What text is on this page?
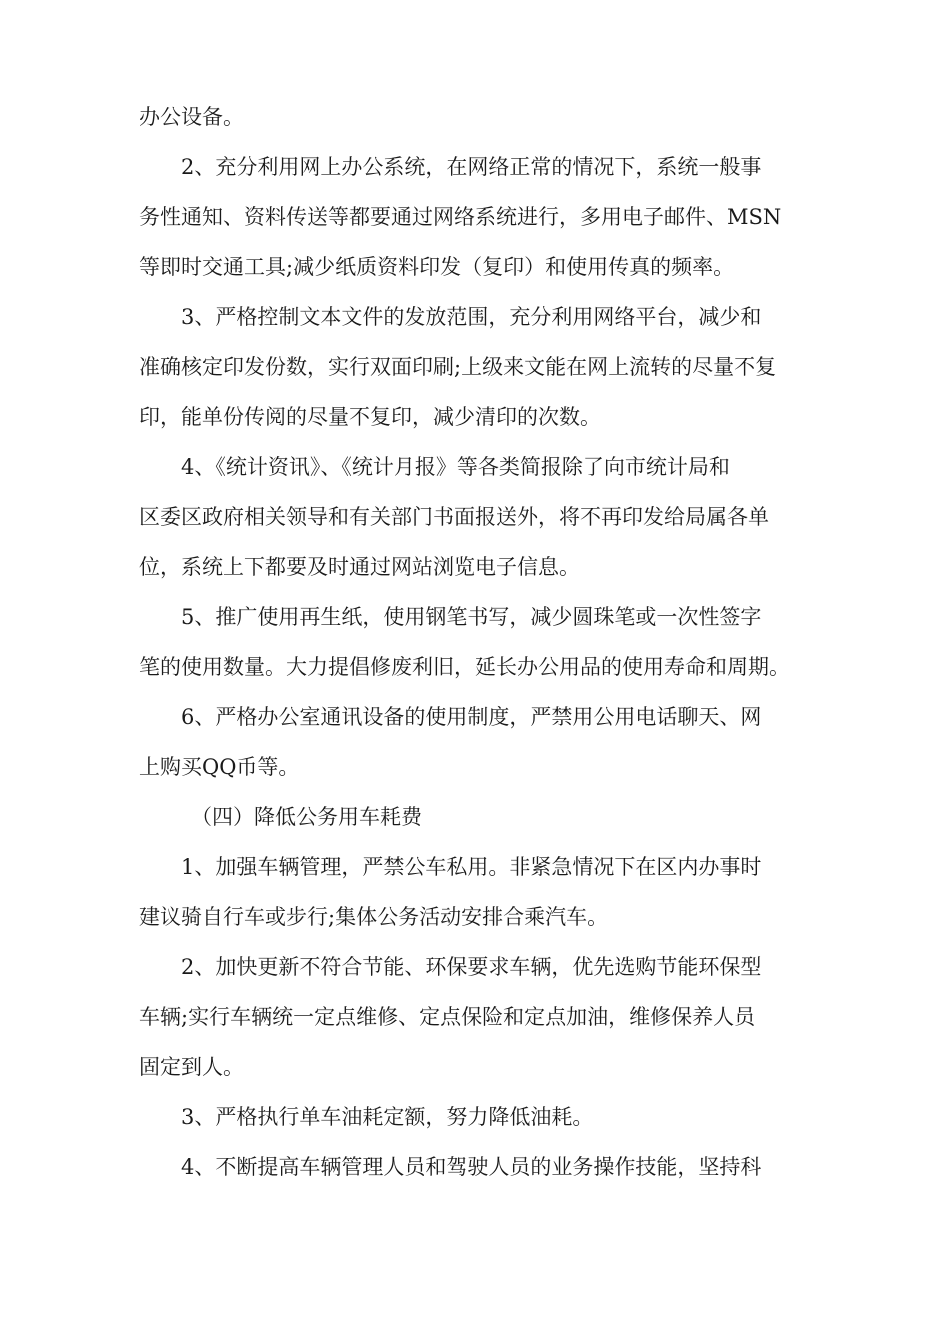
办公设备。
2、充分利用网上办公系统，在网络正常的情况下，系统一般事
务性通知、资料传送等都要通过网络系统进行，多用电子邮件、MSN
等即时交通工具;减少纸质资料印发（复印）和使用传真的频率。
3、严格控制文本文件的发放范围，充分利用网络平台，减少和
准确核定印发份数，实行双面印刷;上级来文能在网上流转的尽量不复
印，能单份传阅的尽量不复印，减少清印的次数。
4、《统计资讯》、《统计月报》等各类简报除了向市统计局和
区委区政府相关领导和有关部门书面报送外，将不再印发给局属各单
位，系统上下都要及时通过网站浏览电子信息。
5、推广使用再生纸，使用钢笔书写，减少圆珠笔或一次性签字
笔的使用数量。大力提倡修废利旧，延长办公用品的使用寿命和周期。
6、严格办公室通讯设备的使用制度，严禁用公用电话聊天、网
上购买QQ币等。
（四）降低公务用车耗费
1、加强车辆管理，严禁公车私用。非紧急情况下在区内办事时
建议骑自行车或步行;集体公务活动安排合乘汽车。
2、加快更新不符合节能、环保要求车辆，优先选购节能环保型
车辆;实行车辆统一定点维修、定点保险和定点加油，维修保养人员
固定到人。
3、严格执行单车油耗定额，努力降低油耗。
4、不断提高车辆管理人员和驾驶人员的业务操作技能，坚持科
